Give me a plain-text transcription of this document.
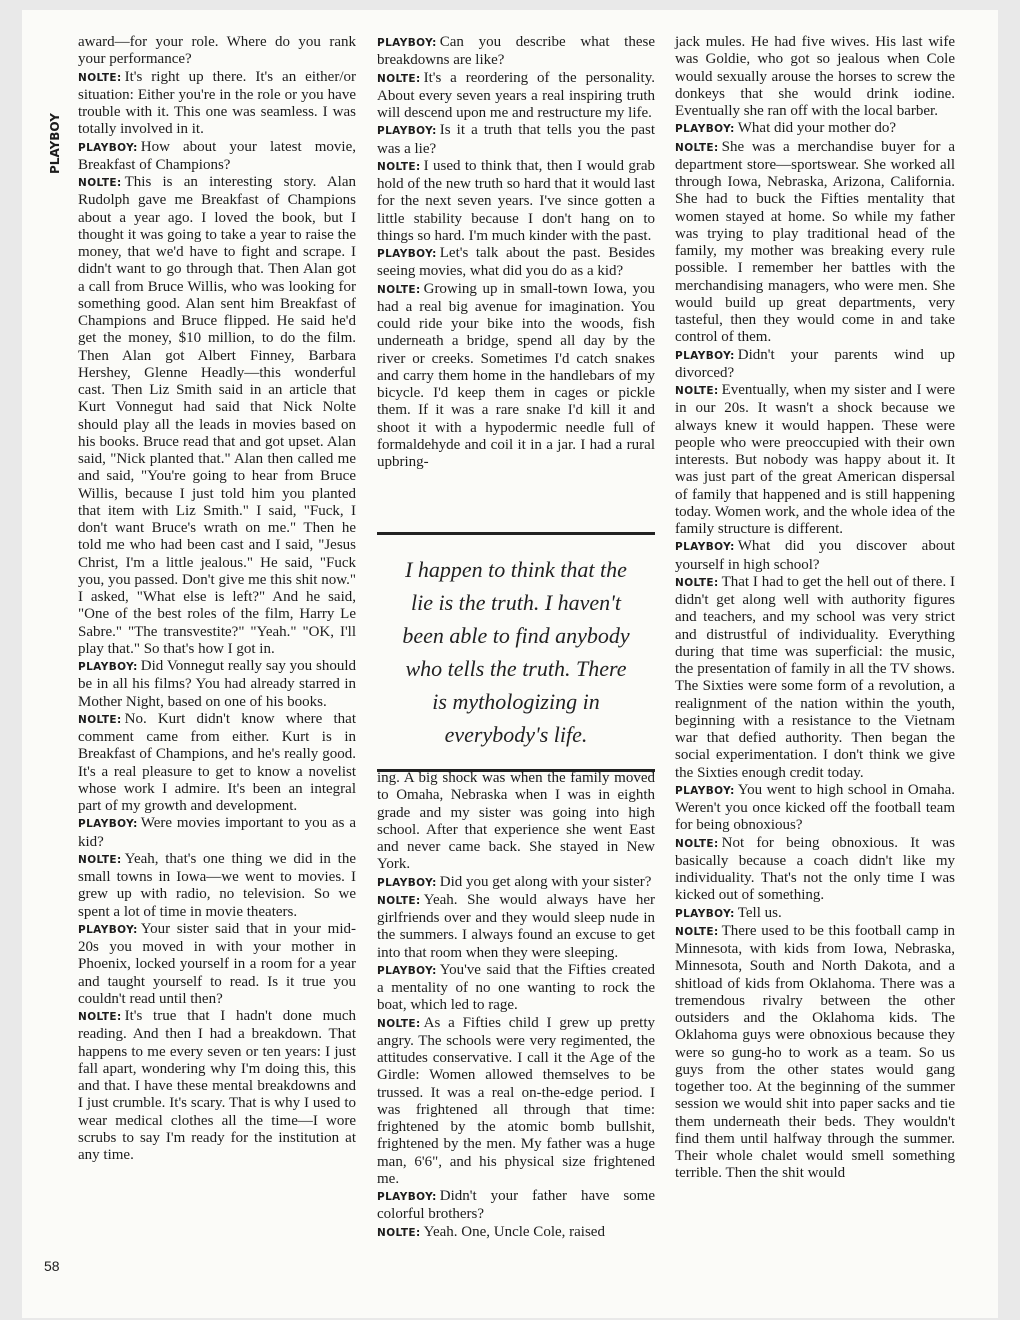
PLAYBOY

award—for your role. Where do you rank your performance?

NOLTE: It's right up there. It's an either/or situation: Either you're in the role or you have trouble with it. This one was seamless. I was totally involved in it.

PLAYBOY: How about your latest movie, Breakfast of Champions?

NOLTE: This is an interesting story. Alan Rudolph gave me Breakfast of Champions about a year ago. I loved the book, but I thought it was going to take a year to raise the money, that we'd have to fight and scrape. I didn't want to go through that. Then Alan got a call from Bruce Willis, who was looking for something good. Alan sent him Breakfast of Champions and Bruce flipped. He said he'd get the money, $10 million, to do the film. Then Alan got Albert Finney, Barbara Hershey, Glenne Headly—this wonderful cast. Then Liz Smith said in an article that Kurt Vonnegut had said that Nick Nolte should play all the leads in movies based on his books. Bruce read that and got upset. Alan said, "Nick planted that." Alan then called me and said, "You're going to hear from Bruce Willis, because I just told him you planted that item with Liz Smith." I said, "Fuck, I don't want Bruce's wrath on me." Then he told me who had been cast and I said, "Jesus Christ, I'm a little jealous." He said, "Fuck you, you passed. Don't give me this shit now." I asked, "What else is left?" And he said, "One of the best roles of the film, Harry Le Sabre." "The transvestite?" "Yeah." "OK, I'll play that." So that's how I got in.

PLAYBOY: Did Vonnegut really say you should be in all his films? You had already starred in Mother Night, based on one of his books.

NOLTE: No. Kurt didn't know where that comment came from either. Kurt is in Breakfast of Champions, and he's really good. It's a real pleasure to get to know a novelist whose work I admire. It's been an integral part of my growth and development.

PLAYBOY: Were movies important to you as a kid?

NOLTE: Yeah, that's one thing we did in the small towns in Iowa—we went to movies. I grew up with radio, no television. So we spent a lot of time in movie theaters.

PLAYBOY: Your sister said that in your mid-20s you moved in with your mother in Phoenix, locked yourself in a room for a year and taught yourself to read. Is it true you couldn't read until then?

NOLTE: It's true that I hadn't done much reading. And then I had a breakdown. That happens to me every seven or ten years: I just fall apart, wondering why I'm doing this, this and that. I have these mental breakdowns and I just crumble. It's scary. That is why I used to wear medical clothes all the time—I wore scrubs to say I'm ready for the institution at any time.

PLAYBOY: Can you describe what these breakdowns are like?

NOLTE: It's a reordering of the personality. About every seven years a real inspiring truth will descend upon me and restructure my life.

PLAYBOY: Is it a truth that tells you the past was a lie?

NOLTE: I used to think that, then I would grab hold of the new truth so hard that it would last for the next seven years. I've since gotten a little stability because I don't hang on to things so hard. I'm much kinder with the past.

PLAYBOY: Let's talk about the past. Besides seeing movies, what did you do as a kid?

NOLTE: Growing up in small-town Iowa, you had a real big avenue for imagination. You could ride your bike into the woods, fish underneath a bridge, spend all day by the river or creeks. Sometimes I'd catch snakes and carry them home in the handlebars of my bicycle. I'd keep them in cages or pickle them. If it was a rare snake I'd kill it and shoot it with a hypodermic needle full of formaldehyde and coil it in a jar. I had a rural upbring-

I happen to think that the lie is the truth. I haven't been able to find anybody who tells the truth. There is mythologizing in everybody's life.

ing. A big shock was when the family moved to Omaha, Nebraska when I was in eighth grade and my sister was going into high school. After that experience she went East and never came back. She stayed in New York.

PLAYBOY: Did you get along with your sister?

NOLTE: Yeah. She would always have her girlfriends over and they would sleep nude in the summers. I always found an excuse to get into that room when they were sleeping.

PLAYBOY: You've said that the Fifties created a mentality of no one wanting to rock the boat, which led to rage.

NOLTE: As a Fifties child I grew up pretty angry. The schools were very regimented, the attitudes conservative. I call it the Age of the Girdle: Women allowed themselves to be trussed. It was a real on-the-edge period. I was frightened all through that time: frightened by the atomic bomb bullshit, frightened by the men. My father was a huge man, 6'6", and his physical size frightened me.

PLAYBOY: Didn't your father have some colorful brothers?

NOLTE: Yeah. One, Uncle Cole, raised

jack mules. He had five wives. His last wife was Goldie, who got so jealous when Cole would sexually arouse the horses to screw the donkeys that she would drink iodine. Eventually she ran off with the local barber.

PLAYBOY: What did your mother do?

NOLTE: She was a merchandise buyer for a department store—sportswear. She worked all through Iowa, Nebraska, Arizona, California. She had to buck the Fifties mentality that women stayed at home. So while my father was trying to play traditional head of the family, my mother was breaking every rule possible. I remember her battles with the merchandising managers, who were men. She would build up great departments, very tasteful, then they would come in and take control of them.

PLAYBOY: Didn't your parents wind up divorced?

NOLTE: Eventually, when my sister and I were in our 20s. It wasn't a shock because we always knew it would happen. These were people who were preoccupied with their own interests. But nobody was happy about it. It was just part of the great American dispersal of family that happened and is still happening today. Women work, and the whole idea of the family structure is different.

PLAYBOY: What did you discover about yourself in high school?

NOLTE: That I had to get the hell out of there. I didn't get along well with authority figures and teachers, and my school was very strict and distrustful of individuality. Everything during that time was superficial: the music, the presentation of family in all the TV shows. The Sixties were some form of a revolution, a realignment of the nation within the youth, beginning with a resistance to the Vietnam war that defied authority. Then began the social experimentation. I don't think we give the Sixties enough credit today.

PLAYBOY: You went to high school in Omaha. Weren't you once kicked off the football team for being obnoxious?

NOLTE: Not for being obnoxious. It was basically because a coach didn't like my individuality. That's not the only time I was kicked out of something.

PLAYBOY: Tell us.

NOLTE: There used to be this football camp in Minnesota, with kids from Iowa, Nebraska, Minnesota, South and North Dakota, and a shitload of kids from Oklahoma. There was a tremendous rivalry between the other outsiders and the Oklahoma kids. The Oklahoma guys were obnoxious because they were so gung-ho to work as a team. So us guys from the other states would gang together too. At the beginning of the summer session we would shit into paper sacks and tie them underneath their beds. They wouldn't find them until halfway through the summer. Their whole chalet would smell something terrible. Then the shit would

58
